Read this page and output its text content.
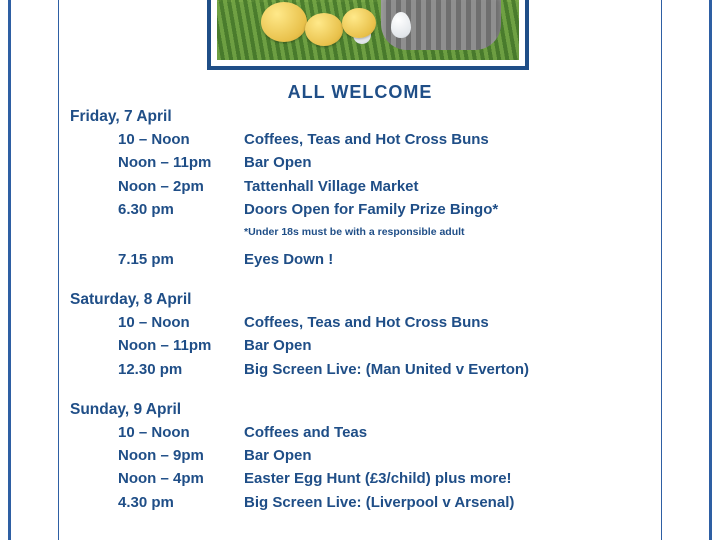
ALL WELCOME
Friday, 7 April
10 – Noon	Coffees, Teas and Hot Cross Buns
Noon – 11pm	Bar Open
Noon – 2pm	Tattenhall Village Market
6.30 pm	Doors Open for Family Prize Bingo*
*Under 18s must be with a responsible adult
7.15 pm	Eyes Down !
Saturday, 8 April
10 – Noon	Coffees, Teas and Hot Cross Buns
Noon – 11pm	Bar Open
12.30 pm	Big Screen Live: (Man United v Everton)
Sunday, 9 April
10 – Noon	Coffees and Teas
Noon – 9pm	Bar Open
Noon – 4pm	Easter Egg Hunt (£3/child) plus more!
4.30 pm	Big Screen Live: (Liverpool v Arsenal)
